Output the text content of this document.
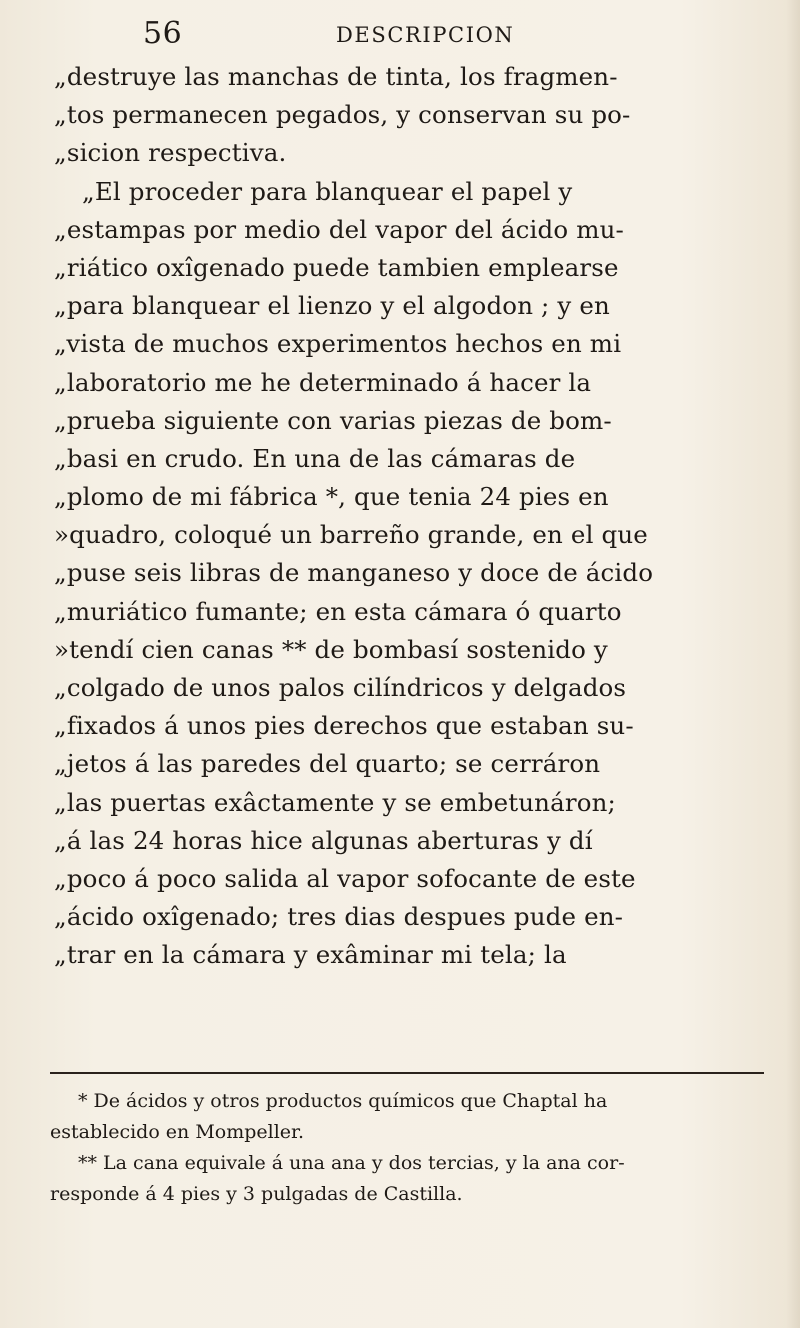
56	DESCRIPCION
„destruye las manchas de tinta, los fragmen-
„tos permanecen pegados, y conservan su po-
„sicion respectiva.
„El proceder para blanquear el papel y
„estampas por medio del vapor del ácido mu-
„riático oxîgenado puede tambien emplearse
„para blanquear el lienzo y el algodon ; y en
„vista de muchos experimentos hechos en mi
„laboratorio me he determinado á hacer la
„prueba siguiente con varias piezas de bom-
„basi en crudo. En una de las cámaras de
„plomo de mi fábrica *, que tenia 24 pies en
»quadro, coloqué un barreño grande, en el que
„puse seis libras de manganeso y doce de ácido
„muriático fumante; en esta cámara ó quarto
»tendí cien canas ** de bombasí sostenido y
„colgado de unos palos cilíndricos y delgados
„fixados á unos pies derechos que estaban su-
„jetos á las paredes del quarto; se cerráron
„las puertas exâctamente y se embetunáron;
„á las 24 horas hice algunas aberturas y dí
„poco á poco salida al vapor sofocante de este
„ácido oxîgenado; tres dias despues pude en-
„trar en la cámara y exâminar mi tela; la
* De ácidos y otros productos químicos que Chaptal ha
establecido en Mompeller.
** La cana equivale á una ana y dos tercias, y la ana cor-
responde á 4 pies y 3 pulgadas de Castilla.
